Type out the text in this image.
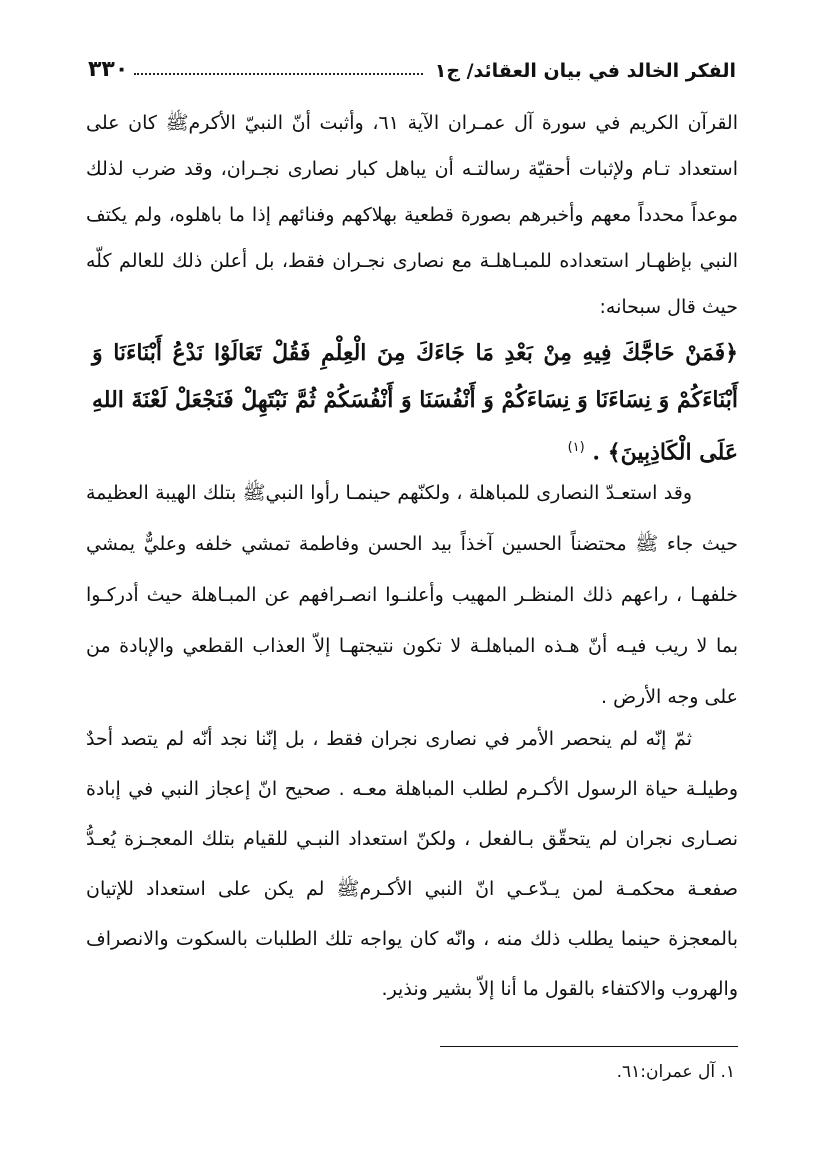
الفكر الخالد في بيان العقائد/ ج١
٣٣٠

القرآن الكريم في سورة آل عمـران الآية ٦١، وأثبت أنّ النبيّ الأكرمﷺ كان على استعداد تـام ولإثبات أحقيّة رسالتـه أن يباهل كبار نصارى نجـران، وقد ضرب لذلك موعداً محدداً معهم وأخبرهم بصورة قطعية بهلاكهم وفنائهم إذا ما باهلوه، ولم يكتف النبي بإظهـار استعداده للمبـاهلـة مع نصارى نجـران فقط، بل أعلن ذلك للعالم كلّه حيث قال سبحانه:

﴿فَمَنْ حَاجَّكَ فِيهِ مِنْ بَعْدِ مَا جَاءَكَ مِنَ الْعِلْمِ فَقُلْ تَعَالَوْا نَدْعُ أَبْنَاءَنَا وَ أَبْنَاءَكُمْ وَ نِسَاءَنَا وَ نِسَاءَكُمْ وَ أَنْفُسَنَا وَ أَنْفُسَكُمْ ثُمَّ نَبْتَهِلْ فَنَجْعَلْ لَعْنَةَ اللهِ عَلَى الْكَاذِبِينَ﴾ . $^{(١)}$

وقد استعـدّ النصارى للمباهلة ، ولكنّهم حينمـا رأوا النبيﷺ بتلك الهيبة العظيمة حيث جاء ﷺ محتضناً الحسين آخذاً بيد الحسن وفاطمة تمشي خلفه وعليٌّ يمشي خلفهـا ، راعهم ذلك المنظـر المهيب وأعلنـوا انصـرافهم عن المبـاهلة حيث أدركـوا بما لا ريب فيـه أنّ هـذه المباهلـة لا تكون نتيجتهـا إلاّ العذاب القطعي والإبادة من على وجه الأرض .

ثمّ إنّه لم ينحصر الأمر في نصارى نجران فقط ، بل إنّنا نجد أنّه لم يتصد أحدٌ وطيلـة حياة الرسول الأكـرم لطلب المباهلة معـه . صحيح انّ إعجاز النبي في إبادة نصـارى نجران لم يتحقّق بـالفعل ، ولكنّ استعداد النبـي للقيام بتلك المعجـزة يُعـدُّ صفعـة محكمـة لمن يـدّعـي انّ النبي الأكـرمﷺ لم يكن على استعداد للإتيان بالمعجزة حينما يطلب ذلك منه ، وانّه كان يواجه تلك الطلبات بالسكوت والانصراف والهروب والاكتفاء بالقول ما أنا إلاّ بشير ونذير.

١. آل عمران:٦١.
